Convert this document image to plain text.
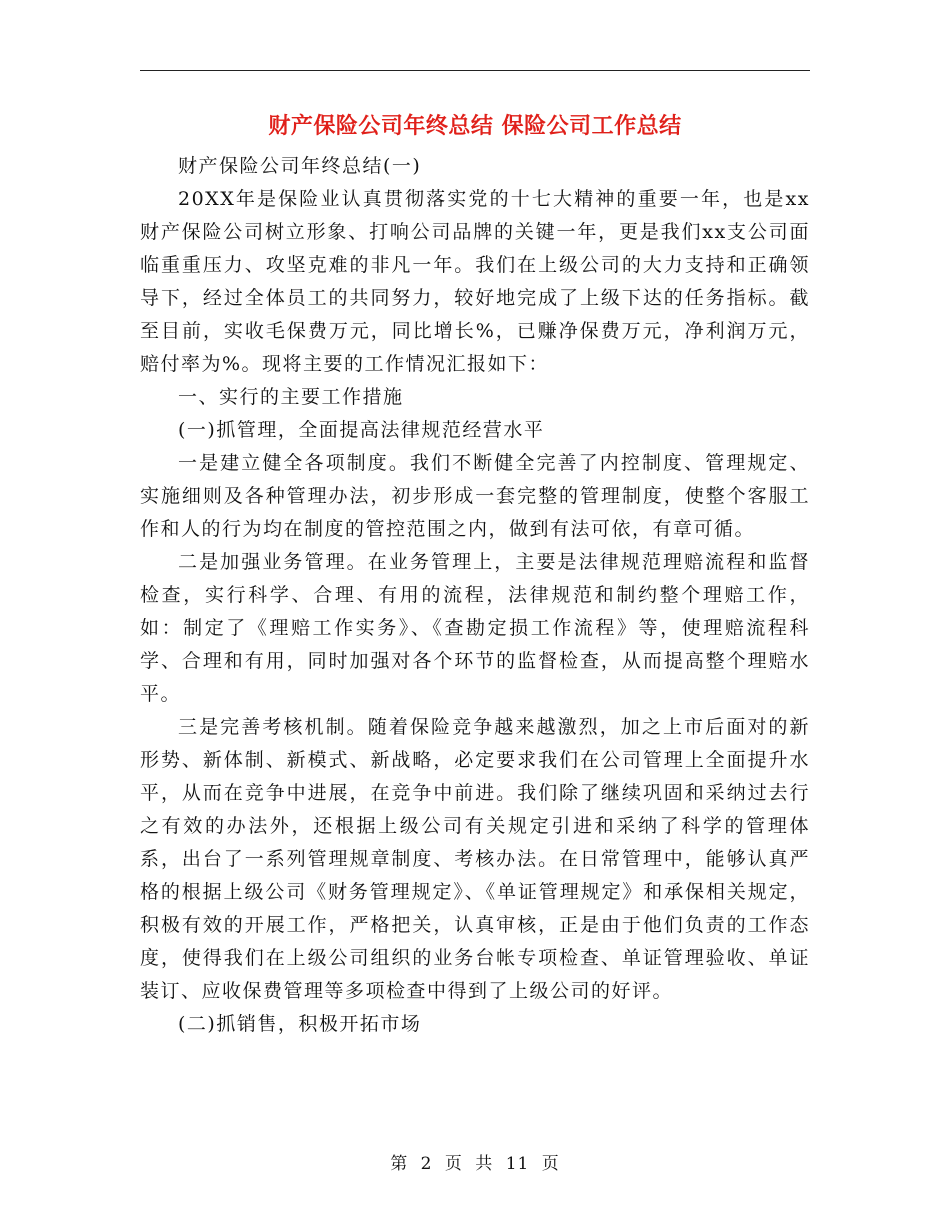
财产保险公司年终总结 保险公司工作总结

财产保险公司年终总结(一)

20XX年是保险业认真贯彻落实党的十七大精神的重要一年，也是xx财产保险公司树立形象、打响公司品牌的关键一年，更是我们xx支公司面临重重压力、攻坚克难的非凡一年。我们在上级公司的大力支持和正确领导下，经过全体员工的共同努力，较好地完成了上级下达的任务指标。截至目前，实收毛保费万元，同比增长%，已赚净保费万元，净利润万元，赔付率为%。现将主要的工作情况汇报如下：

一、实行的主要工作措施

(一)抓管理，全面提高法律规范经营水平

一是建立健全各项制度。我们不断健全完善了内控制度、管理规定、实施细则及各种管理办法，初步形成一套完整的管理制度，使整个客服工作和人的行为均在制度的管控范围之内，做到有法可依，有章可循。

二是加强业务管理。在业务管理上，主要是法律规范理赔流程和监督检查，实行科学、合理、有用的流程，法律规范和制约整个理赔工作，如：制定了《理赔工作实务》、《查勘定损工作流程》等，使理赔流程科学、合理和有用，同时加强对各个环节的监督检查，从而提高整个理赔水平。

三是完善考核机制。随着保险竞争越来越激烈，加之上市后面对的新形势、新体制、新模式、新战略，必定要求我们在公司管理上全面提升水平，从而在竞争中进展，在竞争中前进。我们除了继续巩固和采纳过去行之有效的办法外，还根据上级公司有关规定引进和采纳了科学的管理体系，出台了一系列管理规章制度、考核办法。在日常管理中，能够认真严格的根据上级公司《财务管理规定》、《单证管理规定》和承保相关规定，积极有效的开展工作，严格把关，认真审核，正是由于他们负责的工作态度，使得我们在上级公司组织的业务台帐专项检查、单证管理验收、单证装订、应收保费管理等多项检查中得到了上级公司的好评。

(二)抓销售，积极开拓市场

第 2 页 共 11 页
